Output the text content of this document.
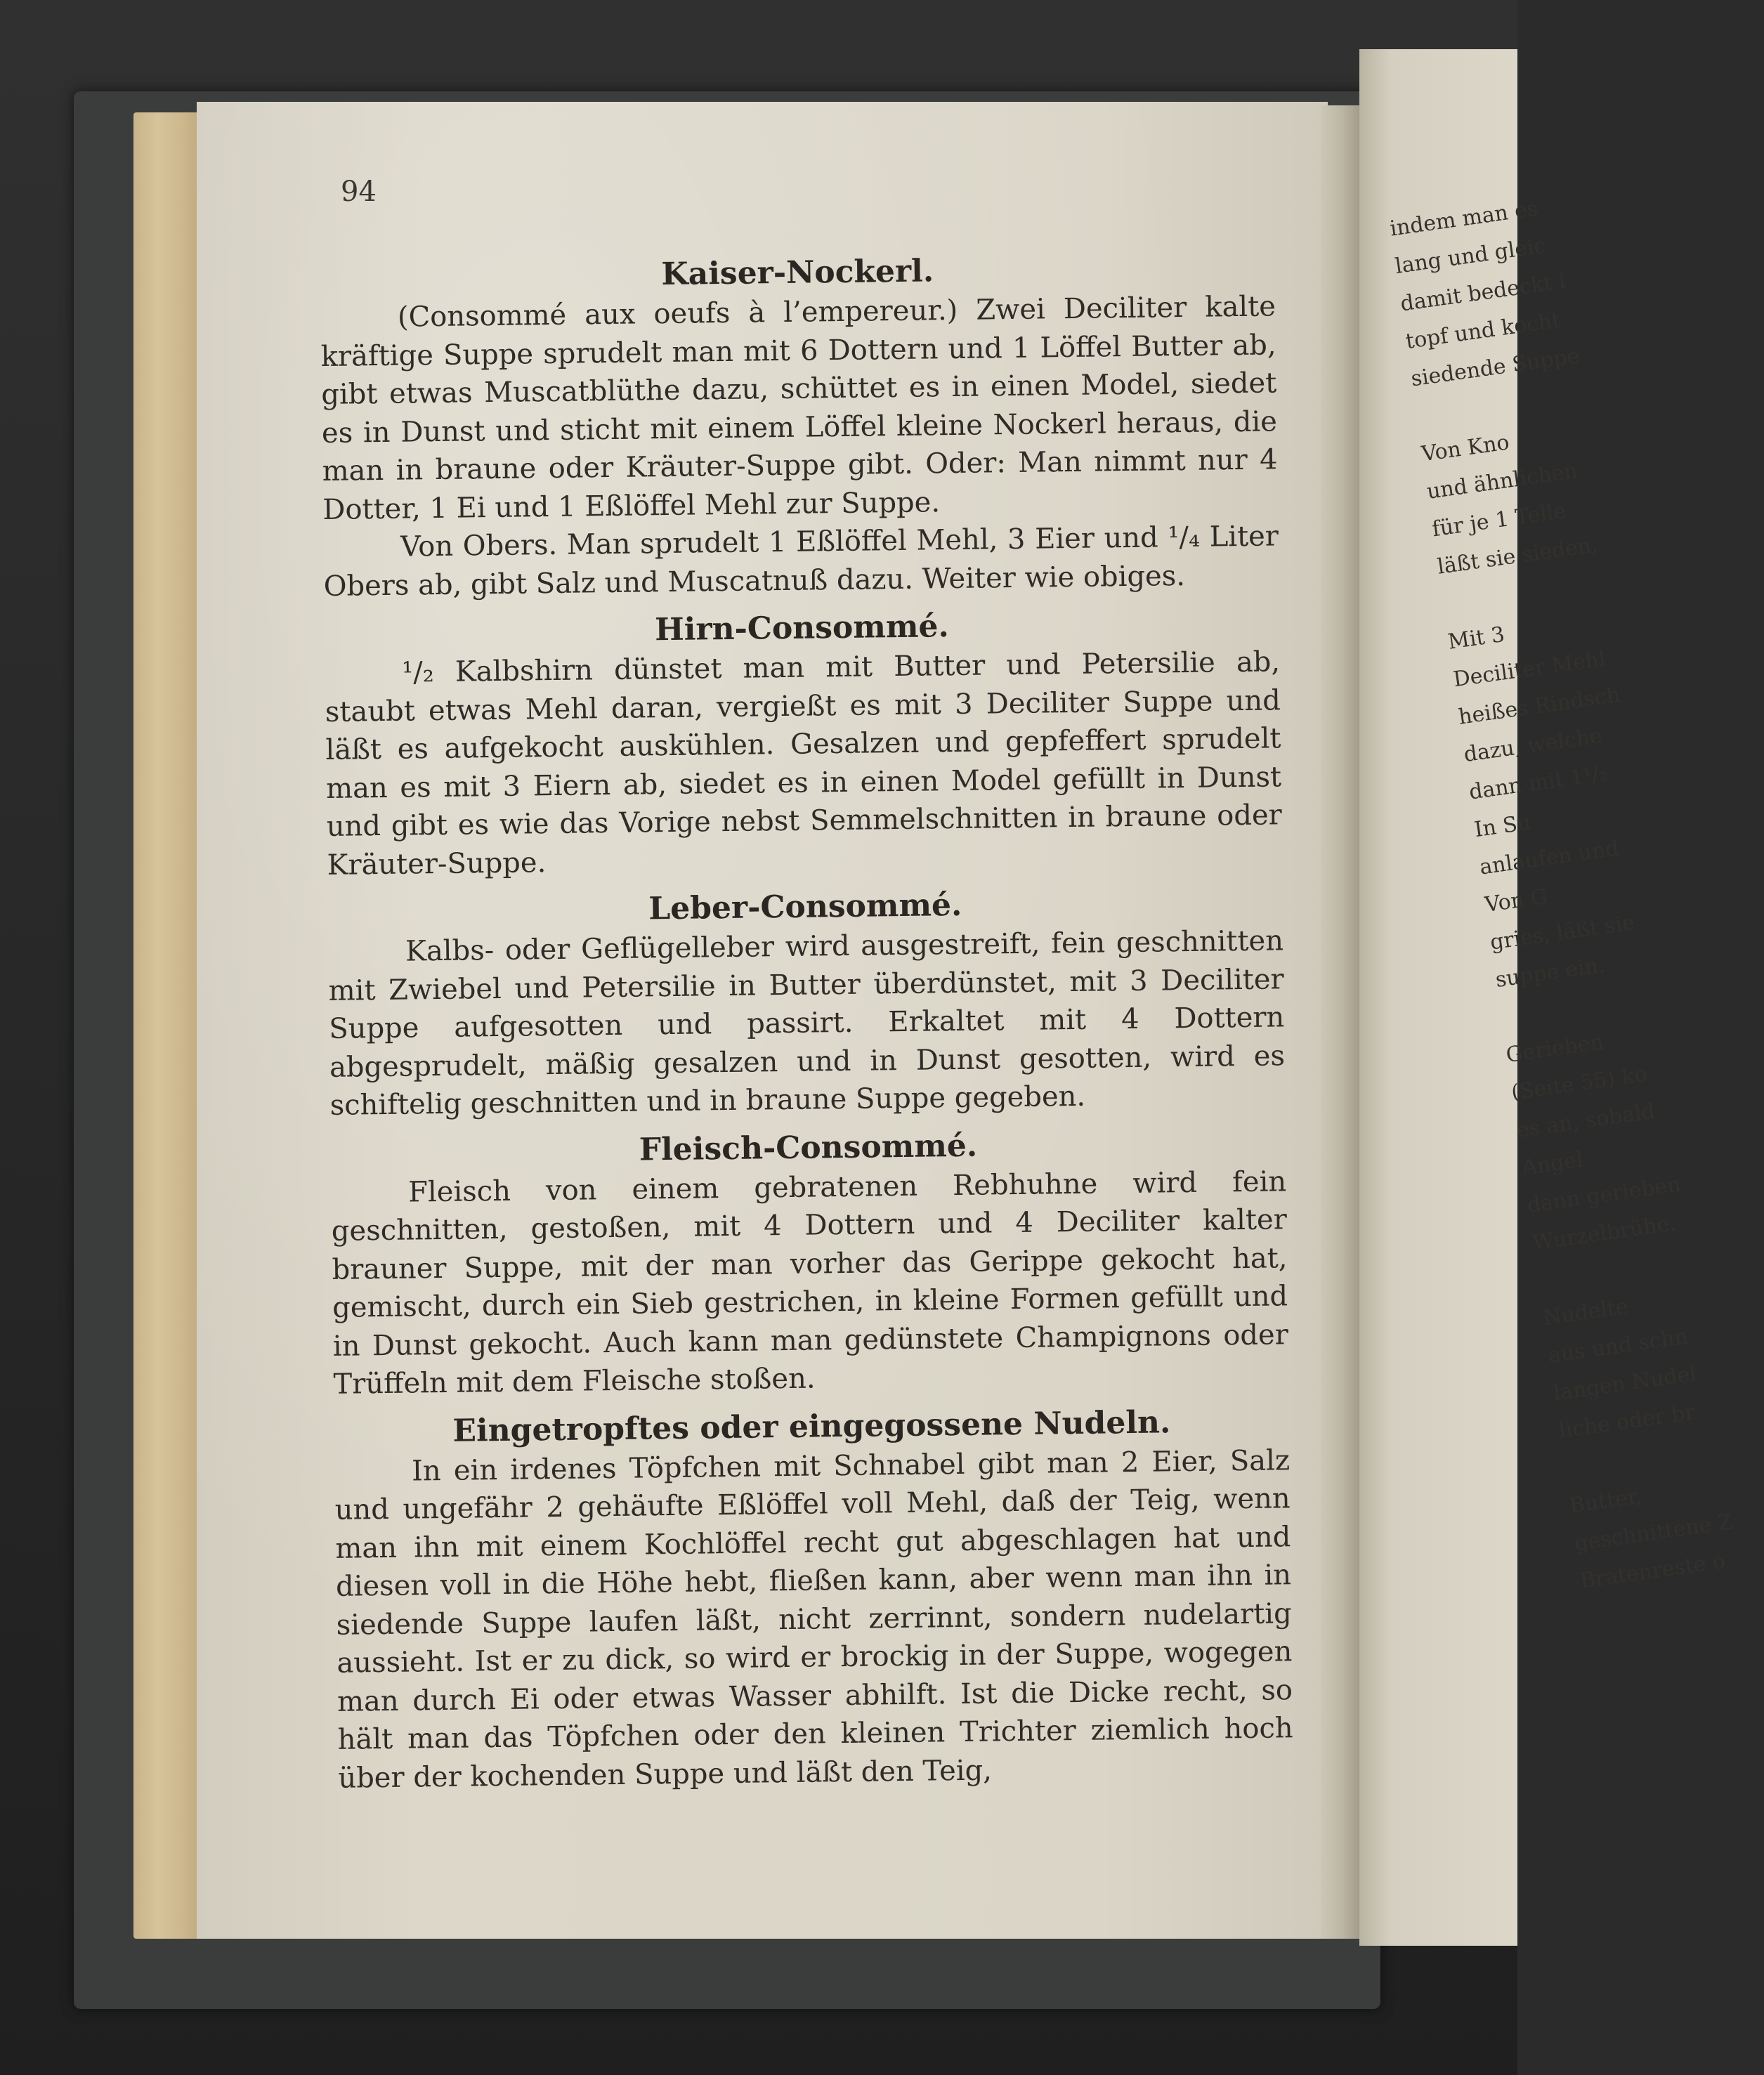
indem man es
lang und gleic
damit bedeckt i
topf und kocht
siedende Suppe
Von Kno
und ähnlichen
für je 1 Telle
läßt sie sieden,
Mit 3
Deciliter Mehl
heißes Rindsch
dazu, welche
dann mit 1¹/₂
In Su
anlaufen und
Von G
gries, läßt sie
suppe ein.
Gerieben
(Seite 55) ko
es an, sobald
Angel
dann gerieben
Wurzelbrühe.
Nudelte
aus und schn
langen Nudel
liche oder br
Butter,
geschnittene Z
Bratenreste o
94
Kaiser-Nockerl.

(Consommé aux oeufs à l’empereur.) Zwei Deciliter kalte kräftige Suppe sprudelt man mit 6 Dottern und 1 Löffel Butter ab, gibt etwas Muscatblüthe dazu, schüttet es in einen Model, siedet es in Dunst und sticht mit einem Löffel kleine Nockerl heraus, die man in braune oder Kräuter-Suppe gibt. Oder: Man nimmt nur 4 Dotter, 1 Ei und 1 Eßlöffel Mehl zur Suppe.

Von Obers. Man sprudelt 1 Eßlöffel Mehl, 3 Eier und ¹/₄ Liter Obers ab, gibt Salz und Muscatnuß dazu. Weiter wie obiges.

Hirn-Consommé.

¹/₂ Kalbshirn dünstet man mit Butter und Petersilie ab, staubt etwas Mehl daran, vergießt es mit 3 Deciliter Suppe und läßt es aufgekocht auskühlen. Gesalzen und gepfeffert sprudelt man es mit 3 Eiern ab, siedet es in einen Model gefüllt in Dunst und gibt es wie das Vorige nebst Semmelschnitten in braune oder Kräuter-Suppe.

Leber-Consommé.

Kalbs- oder Geflügelleber wird ausgestreift, fein geschnitten mit Zwiebel und Petersilie in Butter überdünstet, mit 3 Deciliter Suppe aufgesotten und passirt. Erkaltet mit 4 Dottern abgesprudelt, mäßig gesalzen und in Dunst gesotten, wird es schiftelig geschnitten und in braune Suppe gegeben.

Fleisch-Consommé.

Fleisch von einem gebratenen Rebhuhne wird fein geschnitten, gestoßen, mit 4 Dottern und 4 Deciliter kalter brauner Suppe, mit der man vorher das Gerippe gekocht hat, gemischt, durch ein Sieb gestrichen, in kleine Formen gefüllt und in Dunst gekocht. Auch kann man gedünstete Champignons oder Trüffeln mit dem Fleische stoßen.

Eingetropftes oder eingegossene Nudeln.

In ein irdenes Töpfchen mit Schnabel gibt man 2 Eier, Salz und ungefähr 2 gehäufte Eßlöffel voll Mehl, daß der Teig, wenn man ihn mit einem Kochlöffel recht gut abgeschlagen hat und diesen voll in die Höhe hebt, fließen kann, aber wenn man ihn in siedende Suppe laufen läßt, nicht zerrinnt, sondern nudelartig aussieht. Ist er zu dick, so wird er brockig in der Suppe, wogegen man durch Ei oder etwas Wasser abhilft. Ist die Dicke recht, so hält man das Töpfchen oder den kleinen Trichter ziemlich hoch über der kochenden Suppe und läßt den Teig,
